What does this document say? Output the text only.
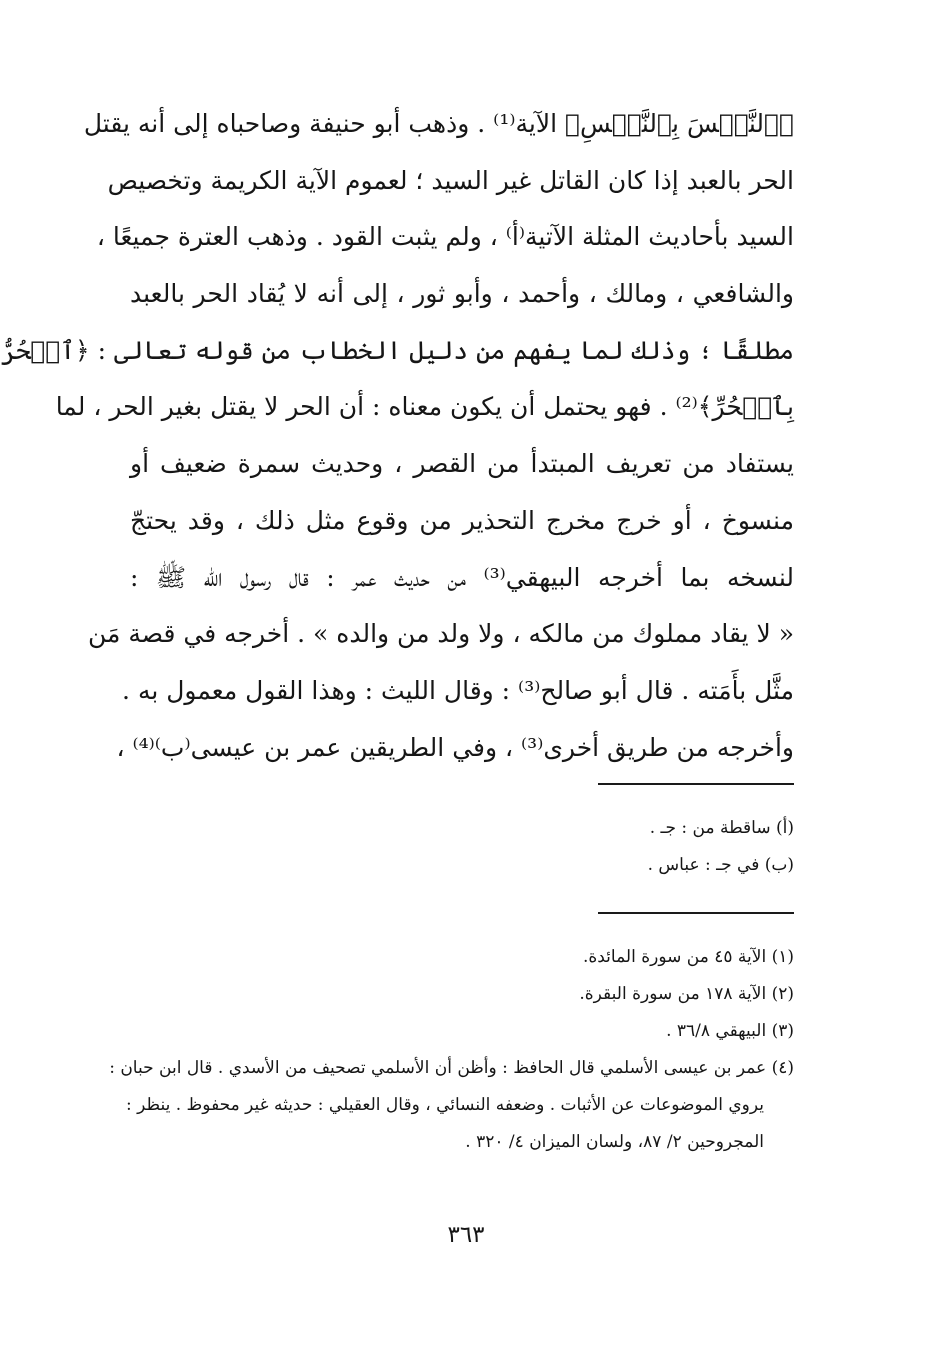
﴿ٱلنَّفۡسَ بِٱلنَّفۡسِ﴾ الآية⁽¹⁾ . وذهب أبو حنيفة وصاحباه إلى أنه يقتل
الحر بالعبد إذا كان القاتل غير السيد ؛ لعموم الآية الكريمة وتخصيص
السيد بأحاديث المثلة الآتية⁽أ⁾ ، ولم يثبت القود . وذهب العترة جميعًا ،
والشافعي ، ومالك ، وأحمد ، وأبو ثور ، إلى أنه لا يُقاد الحر بالعبد
مطلقًا ؛ وذلك لما يفهم من دليل الخطاب من قوله تعالى : ﴿ٱلۡحُرُّ
بِٱلۡحُرِّ﴾⁽²⁾ . فهو يحتمل أن يكون معناه : أن الحر لا يقتل بغير الحر ، لما
يستفاد من تعريف المبتدأ من القصر ، وحديث سمرة ضعيف أو
منسوخ ، أو خرج مخرج التحذير من وقوع مثل ذلك ، وقد يحتجّ
لنسخه بما أخرجه البيهقي⁽³⁾ من حديث عمر : قال رسول الله ﷺ :
« لا يقاد مملوك من مالكه ، ولا ولد من والده » . أخرجه في قصة مَن
مثَّل بأَمَته . قال أبو صالح⁽³⁾ : وقال الليث : وهذا القول معمول به .
وأخرجه من طريق أخرى⁽³⁾ ، وفي الطريقين عمر بن عيسى⁽ب⁾⁽⁴⁾ ،
(أ) ساقطة من : جـ .
(ب) في جـ : عباس .
(١) الآية ٤٥ من سورة المائدة.
(٢) الآية ١٧٨ من سورة البقرة.
(٣) البيهقي ٣٦/٨ .
(٤) عمر بن عيسى الأسلمي قال الحافظ : وأظن أن الأسلمي تصحيف من الأسدي . قال ابن حبان :
يروي الموضوعات عن الأثبات . وضعفه النسائي ، وقال العقيلي : حديثه غير محفوظ . ينظر :
المجروحين ٢/ ٨٧، ولسان الميزان ٤/ ٣٢٠ .
٣٦٣
